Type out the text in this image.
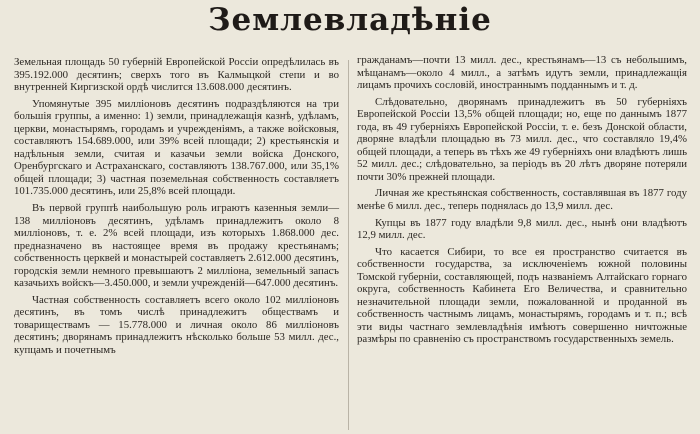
Землевладѣніе

Земельная площадь 50 губерній Европейской Россіи опредѣлилась въ 395.192.000 десятинъ; сверхъ того въ Калмыцкой степи и во внутренней Киргизской ордѣ числится 13.608.000 десятинъ.

Упомянутые 395 милліоновъ десятинъ подраздѣляются на три большія группы, а именно: 1) земли, принадлежащія казнѣ, удѣламъ, церкви, монастырямъ, городамъ и учрежденіямъ, а также войсковыя, составляютъ 154.689.000, или 39% всей площади; 2) крестьянскія и надѣльныя земли, считая и казачьи земли войска Донского, Оренбургскаго и Астраханскаго, составляютъ 138.767.000, или 35,1% общей площади; 3) частная поземельная собственность составляетъ 101.735.000 десятинъ, или 25,8% всей площади.

Въ первой группѣ наибольшую роль играютъ казенныя земли—138 милліоновъ десятинъ, удѣламъ принадлежитъ около 8 милліоновъ, т. е. 2% всей площади, изъ которыхъ 1.868.000 дес. предназначено въ настоящее время въ продажу крестьянамъ; собственность церквей и монастырей составляетъ 2.612.000 десятинъ, городскія земли немного превышаютъ 2 милліона, земельный запасъ казачьихъ войскъ—3.450.000, и земли учрежденій—647.000 десятинъ.

Частная собственность составляетъ всего около 102 милліоновъ десятинъ, въ томъ числѣ принадлежитъ обществамъ и товариществамъ — 15.778.000 и личная около 86 милліоновъ десятинъ; дворянамъ принадлежитъ нѣсколько больше 53 милл. дес., купцамъ и почетнымъ

гражданамъ—почти 13 милл. дес., крестьянамъ—13 съ небольшимъ, мѣщанамъ—около 4 милл., а затѣмъ идутъ земли, принадлежащія лицамъ прочихъ сословій, иностраннымъ подданнымъ и т. д.

Слѣдовательно, дворянамъ принадлежитъ въ 50 губерніяхъ Европейской Россіи 13,5% общей площади; но, еще по даннымъ 1877 года, въ 49 губерніяхъ Европейской Россіи, т. е. безъ Донской области, дворяне владѣли площадью въ 73 милл. дес., что составляло 19,4% общей площади, а теперь въ тѣхъ же 49 губерніяхъ они владѣютъ лишь 52 милл. дес.; слѣдовательно, за періодъ въ 20 лѣтъ дворяне потеряли почти 30% прежней площади.

Личная же крестьянская собственность, составлявшая въ 1877 году менѣе 6 милл. дес., теперь поднялась до 13,9 милл. дес.

Купцы въ 1877 году владѣли 9,8 милл. дес., нынѣ они владѣютъ 12,9 милл. дес.

Что касается Сибири, то все ея пространство считается въ собственности государства, за исключеніемъ южной половины Томской губерніи, составляющей, подъ названіемъ Алтайскаго горнаго округа, собственность Кабинета Его Величества, и сравнительно незначительной площади земли, пожалованной и проданной въ собственность частнымъ лицамъ, монастырямъ, городамъ и т. п.; всѣ эти виды частнаго землевладѣнія имѣютъ совершенно ничтожные размѣры по сравненію съ пространствомъ государственныхъ земель.
